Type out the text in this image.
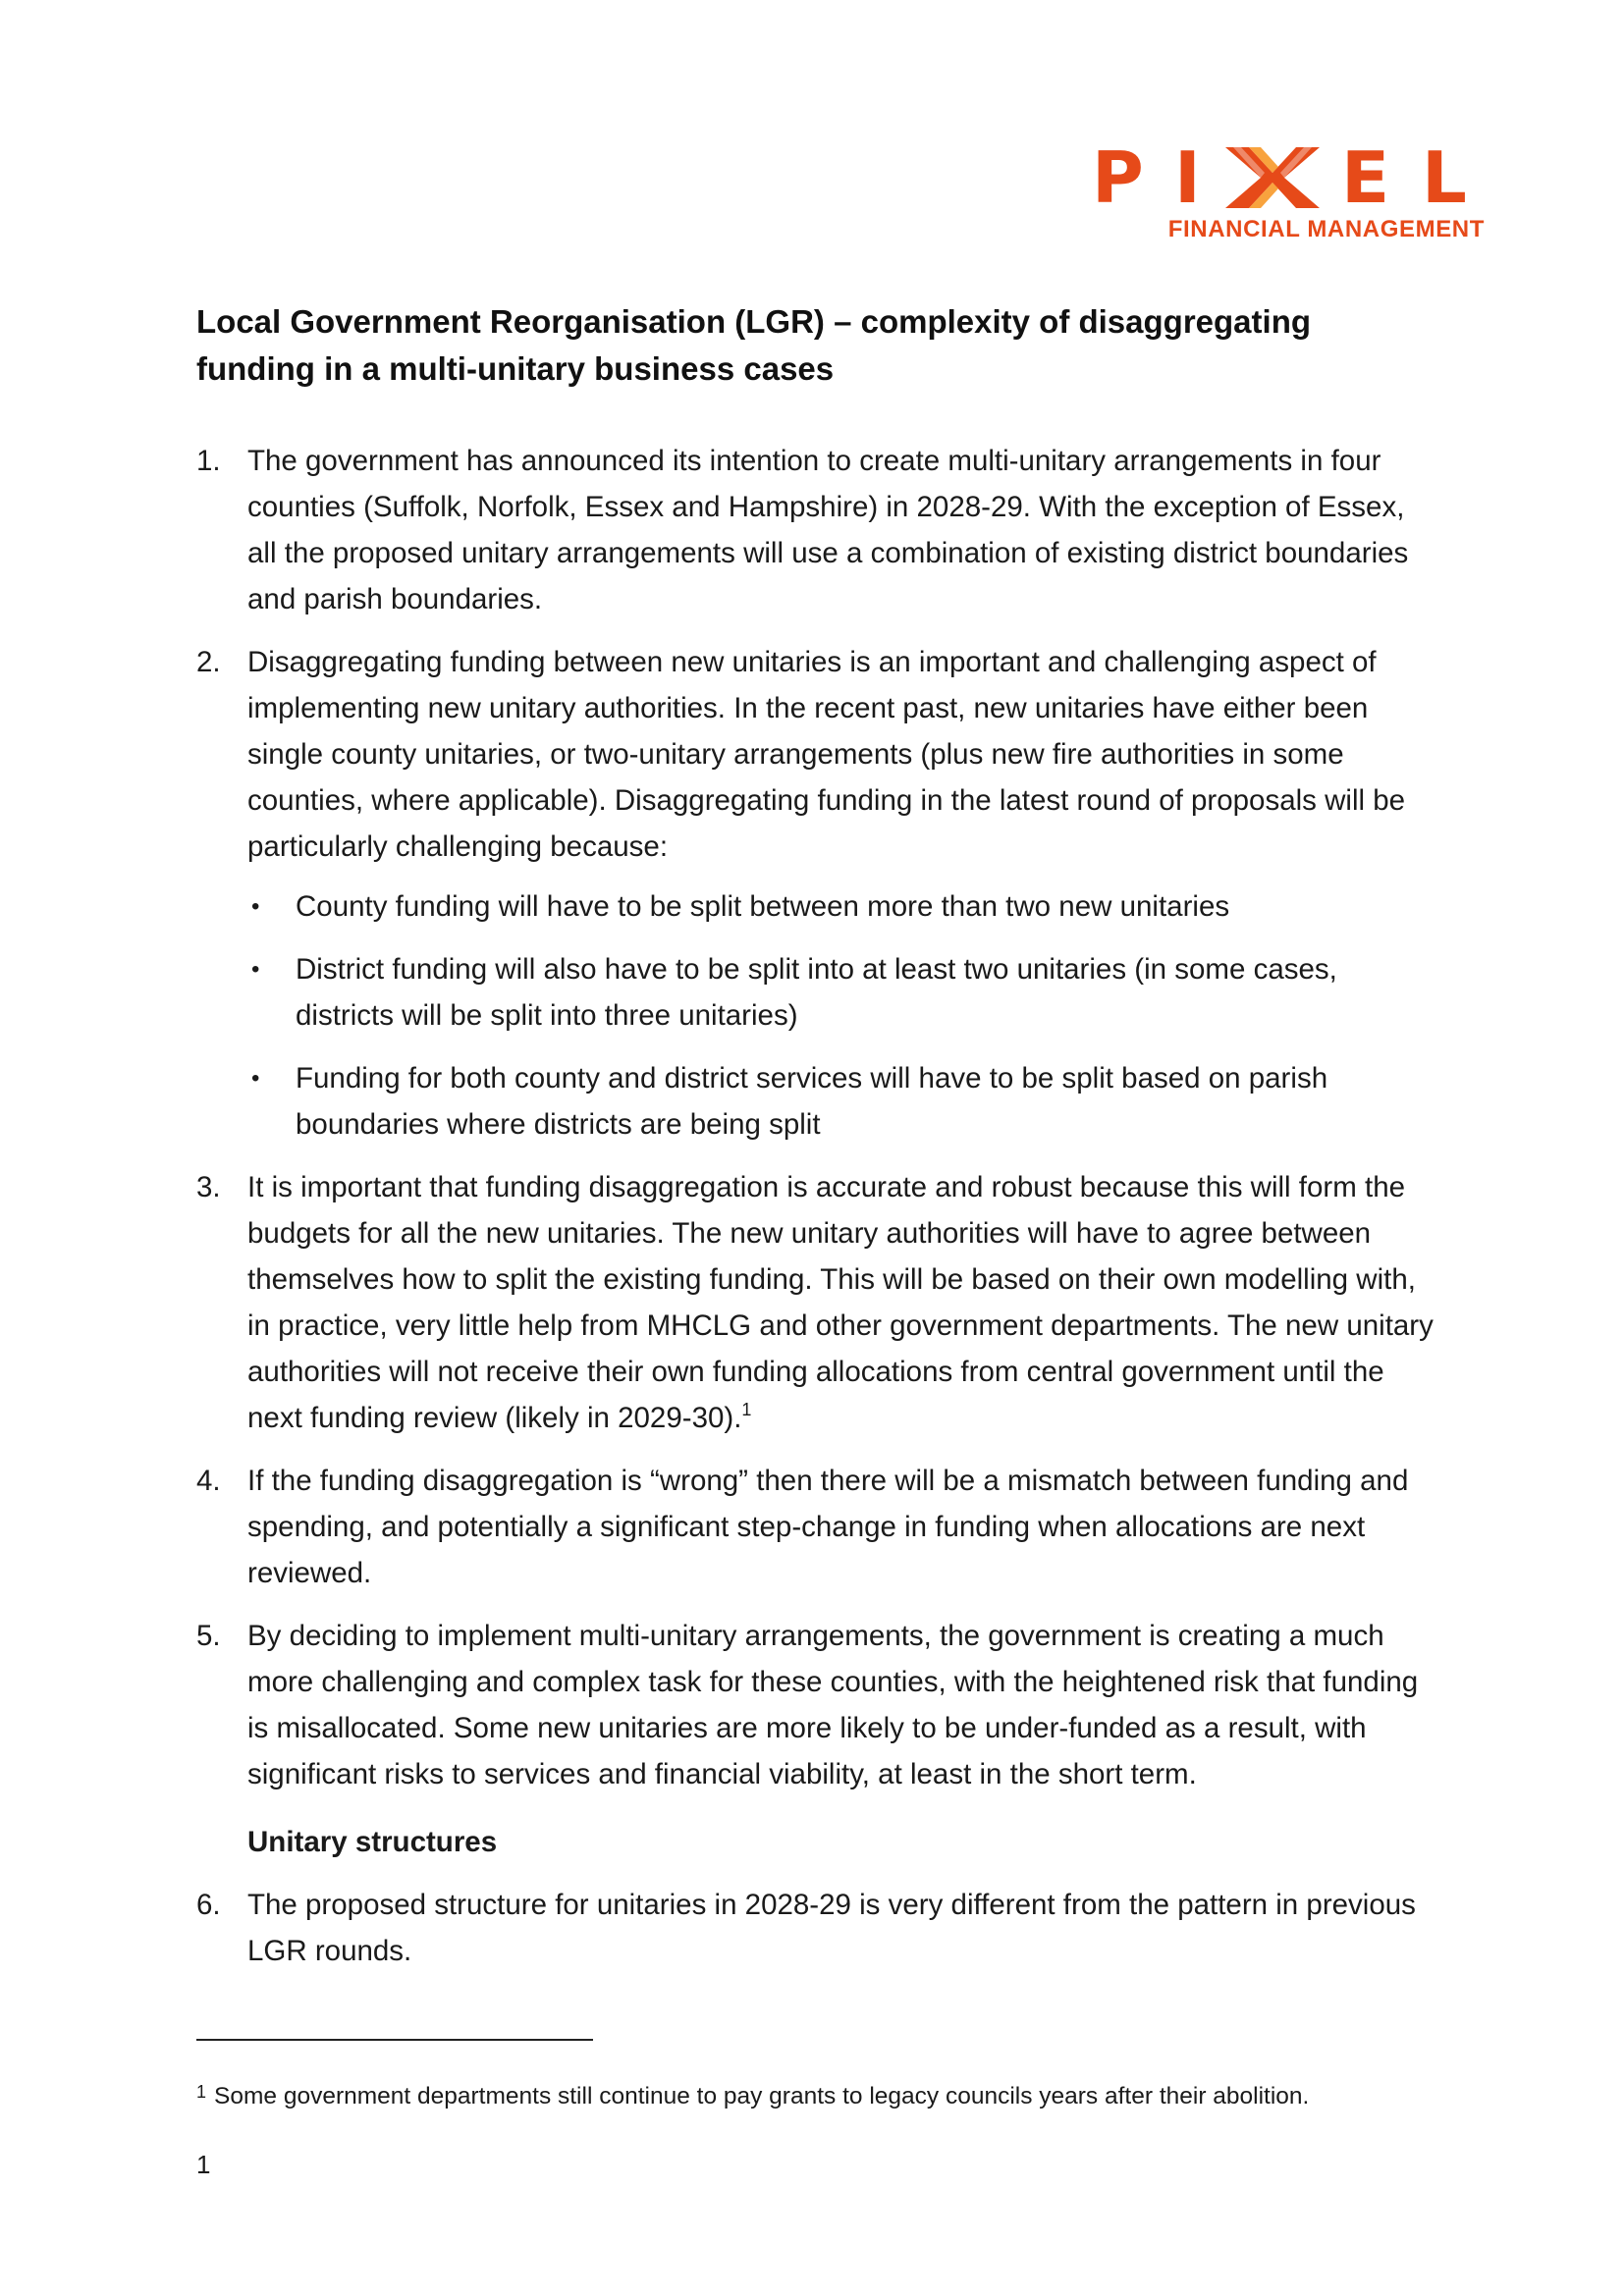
P I E L
FINANCIAL MANAGEMENT
Local Government Reorganisation (LGR) – complexity of disaggregating
funding in a multi-unitary business cases
1. The government has announced its intention to create multi-unitary arrangements in four counties (Suffolk, Norfolk, Essex and Hampshire) in 2028-29. With the exception of Essex, all the proposed unitary arrangements will use a combination of existing district boundaries and parish boundaries.
2. Disaggregating funding between new unitaries is an important and challenging aspect of implementing new unitary authorities. In the recent past, new unitaries have either been single county unitaries, or two-unitary arrangements (plus new fire authorities in some counties, where applicable). Disaggregating funding in the latest round of proposals will be particularly challenging because:
• County funding will have to be split between more than two new unitaries
• District funding will also have to be split into at least two unitaries (in some cases, districts will be split into three unitaries)
• Funding for both county and district services will have to be split based on parish boundaries where districts are being split
3. It is important that funding disaggregation is accurate and robust because this will form the budgets for all the new unitaries. The new unitary authorities will have to agree between themselves how to split the existing funding. This will be based on their own modelling with, in practice, very little help from MHCLG and other government departments. The new unitary authorities will not receive their own funding allocations from central government until the next funding review (likely in 2029-30).$^1$
4. If the funding disaggregation is “wrong” then there will be a mismatch between funding and spending, and potentially a significant step-change in funding when allocations are next reviewed.
5. By deciding to implement multi-unitary arrangements, the government is creating a much more challenging and complex task for these counties, with the heightened risk that funding is misallocated. Some new unitaries are more likely to be under-funded as a result, with significant risks to services and financial viability, at least in the short term.
Unitary structures
6. The proposed structure for unitaries in 2028-29 is very different from the pattern in previous LGR rounds.
$^1$ Some government departments still continue to pay grants to legacy councils years after their abolition.
1
